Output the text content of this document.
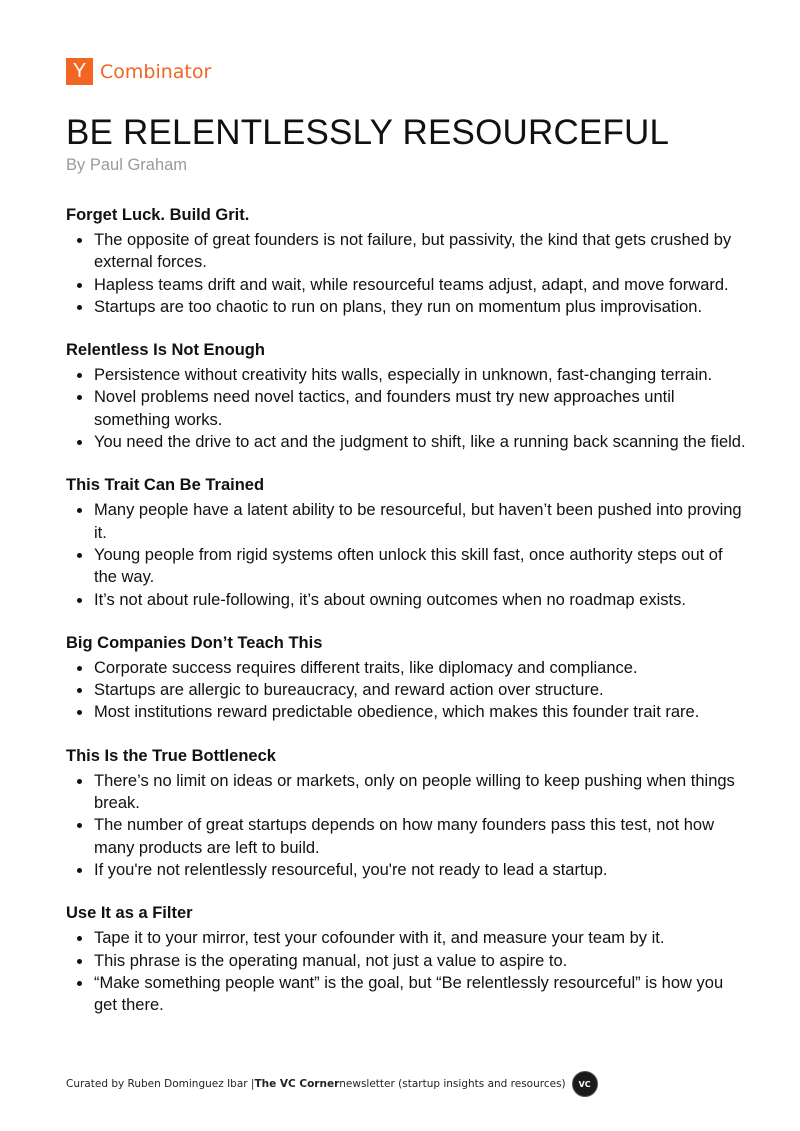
Y Combinator
BE RELENTLESSLY RESOURCEFUL
By Paul Graham
Forget Luck. Build Grit.
The opposite of great founders is not failure, but passivity, the kind that gets crushed by external forces.
Hapless teams drift and wait, while resourceful teams adjust, adapt, and move forward.
Startups are too chaotic to run on plans, they run on momentum plus improvisation.
Relentless Is Not Enough
Persistence without creativity hits walls, especially in unknown, fast-changing terrain.
Novel problems need novel tactics, and founders must try new approaches until something works.
You need the drive to act and the judgment to shift, like a running back scanning the field.
This Trait Can Be Trained
Many people have a latent ability to be resourceful, but haven’t been pushed into proving it.
Young people from rigid systems often unlock this skill fast, once authority steps out of the way.
It’s not about rule-following, it’s about owning outcomes when no roadmap exists.
Big Companies Don’t Teach This
Corporate success requires different traits, like diplomacy and compliance.
Startups are allergic to bureaucracy, and reward action over structure.
Most institutions reward predictable obedience, which makes this founder trait rare.
This Is the True Bottleneck
There’s no limit on ideas or markets, only on people willing to keep pushing when things break.
The number of great startups depends on how many founders pass this test, not how many products are left to build.
If you're not relentlessly resourceful, you're not ready to lead a startup.
Use It as a Filter
Tape it to your mirror, test your cofounder with it, and measure your team by it.
This phrase is the operating manual, not just a value to aspire to.
“Make something people want” is the goal, but “Be relentlessly resourceful” is how you get there.
Curated by Ruben Dominguez Ibar | The VC Corner newsletter (startup insights and resources)	VC
